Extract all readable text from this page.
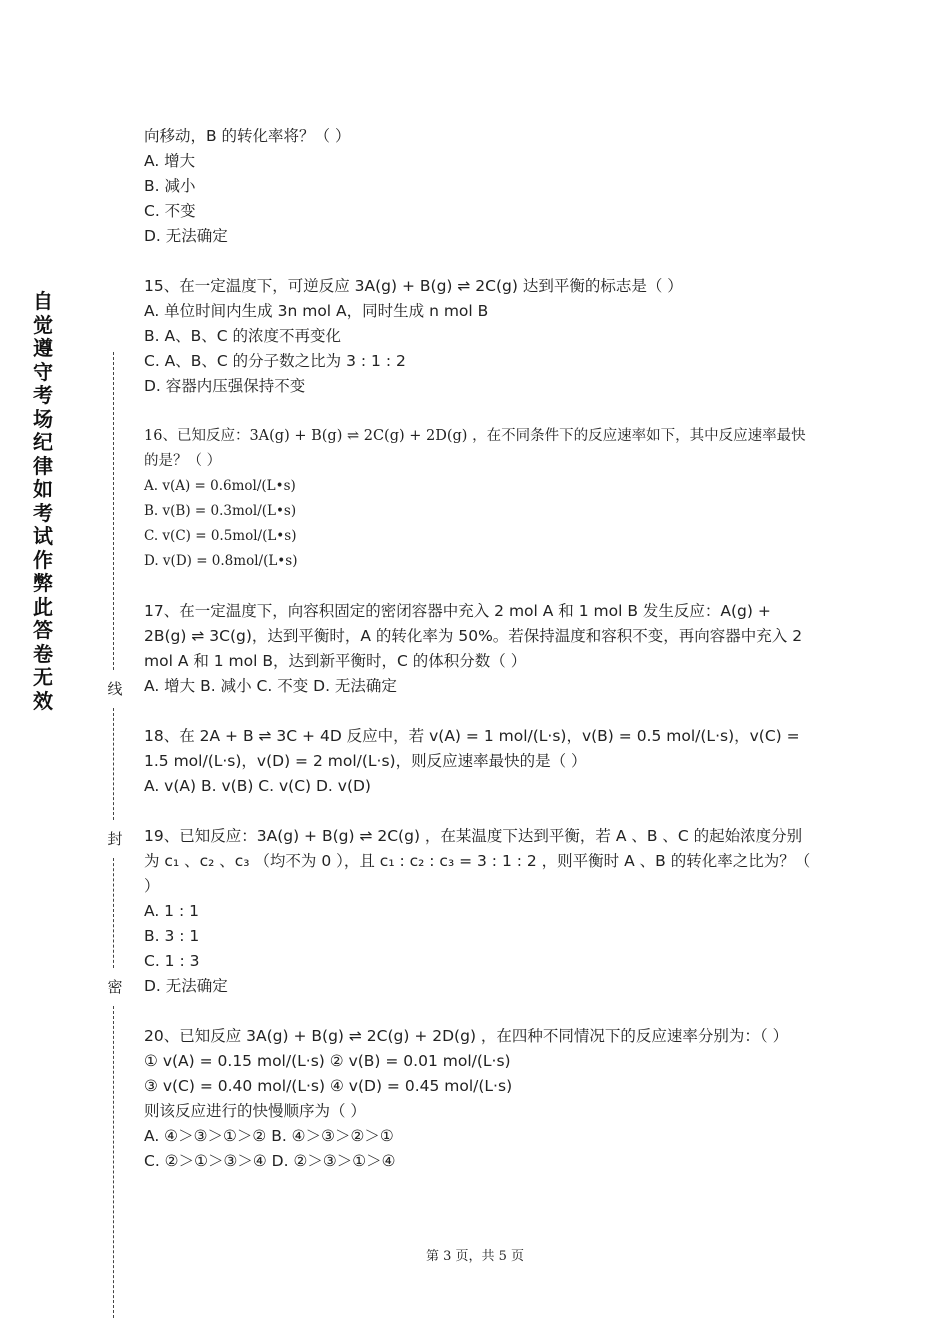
自觉遵守考场纪律如考试作弊此答卷无效	线
封
密

向移动，B 的转化率将？（ ）

A. 增大

B. 减小

C. 不变

D. 无法确定

15、在一定温度下，可逆反应 3A(g) + B(g) ⇌ 2C(g) 达到平衡的标志是（ ）

A. 单位时间内生成 3n mol A，同时生成 n mol B

B. A、B、C 的浓度不再变化

C. A、B、C 的分子数之比为 3 : 1 : 2

D. 容器内压强保持不变

16、已知反应：3A(g) + B(g) ⇌ 2C(g) + 2D(g) ，在不同条件下的反应速率如下，其中反应速率最快的是？（ ）

A. v(A) = 0.6mol/(L•s)

B. v(B) = 0.3mol/(L•s)

C. v(C) = 0.5mol/(L•s)

D. v(D) = 0.8mol/(L•s)

17、在一定温度下，向容积固定的密闭容器中充入 2 mol A 和 1 mol B 发生反应：A(g) + 2B(g) ⇌ 3C(g)，达到平衡时，A 的转化率为 50%。若保持温度和容积不变，再向容器中充入 2 mol A 和 1 mol B，达到新平衡时，C 的体积分数（ ）

A. 增大 B. 减小 C. 不变 D. 无法确定

18、在 2A + B ⇌ 3C + 4D 反应中，若 v(A) = 1 mol/(L·s)，v(B) = 0.5 mol/(L·s)，v(C) = 1.5 mol/(L·s)，v(D) = 2 mol/(L·s)，则反应速率最快的是（ ）

A. v(A) B. v(B) C. v(C) D. v(D)

19、已知反应：3A(g) + B(g) ⇌ 2C(g) ，在某温度下达到平衡，若 A 、B 、C 的起始浓度分别为 c₁ 、c₂ 、c₃ （均不为 0 ），且 c₁ : c₂ : c₃ = 3 : 1 : 2 ，则平衡时 A 、B 的转化率之比为？（ ）

A. 1 : 1

B. 3 : 1

C. 1 : 3

D. 无法确定

20、已知反应 3A(g) + B(g) ⇌ 2C(g) + 2D(g) ，在四种不同情况下的反应速率分别为：（ ）

① v(A) = 0.15 mol/(L·s) ② v(B) = 0.01 mol/(L·s)

③ v(C) = 0.40 mol/(L·s) ④ v(D) = 0.45 mol/(L·s)

则该反应进行的快慢顺序为（ ）

A. ④＞③＞①＞② B. ④＞③＞②＞①

C. ②＞①＞③＞④ D. ②＞③＞①＞④

第 3 页，共 5 页
